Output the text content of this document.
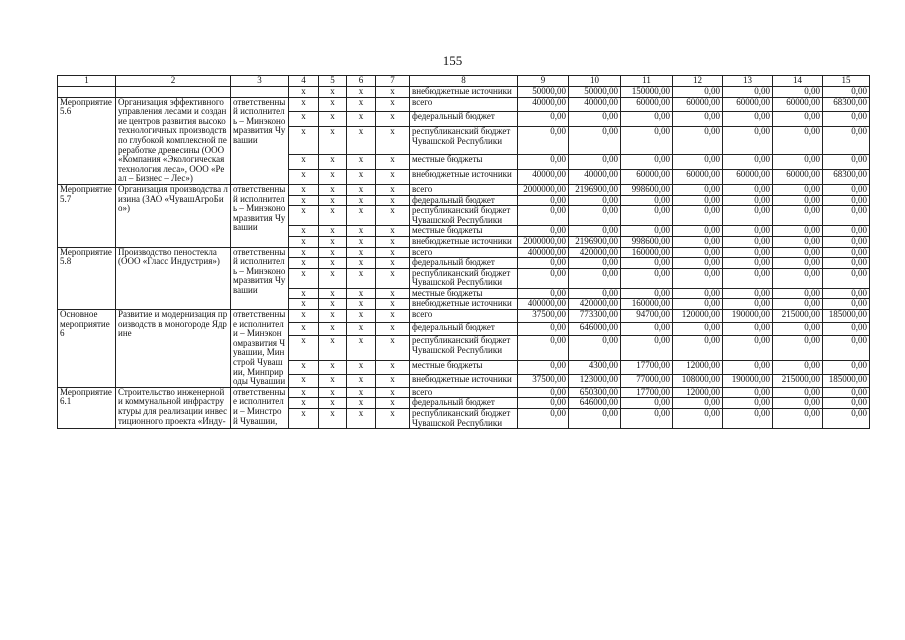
155
1	2	3	4	5	6	7	8	9	10	11	12	13	14	15
			x	x	x	x	внебюджетные источники	50000,00	50000,00	150000,00	0,00	0,00	0,00	0,00
Мероприятие 5.6	Организация эффективного управления лесами и создание центров развития высокотехнологичных производств по глубокой комплексной переработке древесины (ООО «Компания «Экологическая технология леса», ООО «Реал – Бизнес – Лес»)	ответственный исполнитель – Минэкономразвития Чувашии	x	x	x	x	всего	40000,00	40000,00	60000,00	60000,00	60000,00	60000,00	68300,00
			x	x	x	x	федеральный бюджет	0,00	0,00	0,00	0,00	0,00	0,00	0,00
			x	x	x	x	республиканский бюджет Чувашской Республики	0,00	0,00	0,00	0,00	0,00	0,00	0,00
			x	x	x	x	местные бюджеты	0,00	0,00	0,00	0,00	0,00	0,00	0,00
			x	x	x	x	внебюджетные источники	40000,00	40000,00	60000,00	60000,00	60000,00	60000,00	68300,00
Мероприятие 5.7	Организация производства лизина (ЗАО «ЧувашАгроБио»)	ответственный исполнитель – Минэкономразвития Чувашии	x	x	x	x	всего	2000000,00	2196900,00	998600,00	0,00	0,00	0,00	0,00
			x	x	x	x	федеральный бюджет	0,00	0,00	0,00	0,00	0,00	0,00	0,00
			x	x	x	x	республиканский бюджет Чувашской Республики	0,00	0,00	0,00	0,00	0,00	0,00	0,00
			x	x	x	x	местные бюджеты	0,00	0,00	0,00	0,00	0,00	0,00	0,00
			x	x	x	x	внебюджетные источники	2000000,00	2196900,00	998600,00	0,00	0,00	0,00	0,00
Мероприятие 5.8	Производство пеностекла (ООО «Гласс Индустрия»)	ответственный исполнитель – Минэкономразвития Чувашии	x	x	x	x	всего	400000,00	420000,00	160000,00	0,00	0,00	0,00	0,00
			x	x	x	x	федеральный бюджет	0,00	0,00	0,00	0,00	0,00	0,00	0,00
			x	x	x	x	республиканский бюджет Чувашской Республики	0,00	0,00	0,00	0,00	0,00	0,00	0,00
			x	x	x	x	местные бюджеты	0,00	0,00	0,00	0,00	0,00	0,00	0,00
			x	x	x	x	внебюджетные источники	400000,00	420000,00	160000,00	0,00	0,00	0,00	0,00
Основное мероприятие 6	Развитие и модернизация производств в моногороде Ядрине	ответственные исполнители – Минэкономразвития Чувашии, Минстрой Чувашии, Минприроды Чувашии	x	x	x	x	всего	37500,00	773300,00	94700,00	120000,00	190000,00	215000,00	185000,00
			x	x	x	x	федеральный бюджет	0,00	646000,00	0,00	0,00	0,00	0,00	0,00
			x	x	x	x	республиканский бюджет Чувашской Республики	0,00	0,00	0,00	0,00	0,00	0,00	0,00
			x	x	x	x	местные бюджеты	0,00	4300,00	17700,00	12000,00	0,00	0,00	0,00
			x	x	x	x	внебюджетные источники	37500,00	123000,00	77000,00	108000,00	190000,00	215000,00	185000,00
Мероприятие 6.1	Строительство инженерной и коммунальной инфраструктуры для реализации инвестиционного проекта «Инду-	ответственные исполнители – Минстрой Чувашии,	x	x	x	x	всего	0,00	650300,00	17700,00	12000,00	0,00	0,00	0,00
			x	x	x	x	федеральный бюджет	0,00	646000,00	0,00	0,00	0,00	0,00	0,00
			x	x	x	x	республиканский бюджет Чувашской Республики	0,00	0,00	0,00	0,00	0,00	0,00	0,00
